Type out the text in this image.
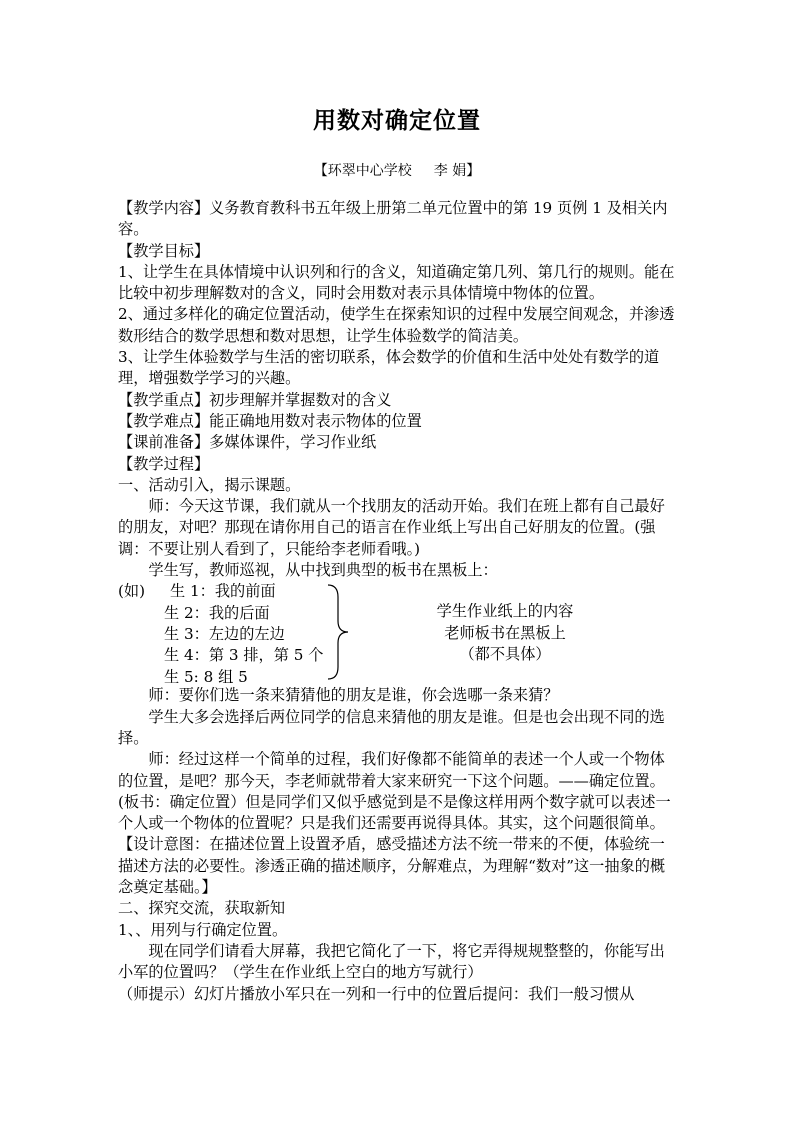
用数对确定位置
【环翠中心学校 李 娟】

【教学内容】义务教育教科书五年级上册第二单元位置中的第 19 页例 1 及相关内容。

【教学目标】

1、让学生在具体情境中认识列和行的含义，知道确定第几列、第几行的规则。能在比较中初步理解数对的含义，同时会用数对表示具体情境中物体的位置。

2、通过多样化的确定位置活动，使学生在探索知识的过程中发展空间观念，并渗透数形结合的数学思想和数对思想，让学生体验数学的简洁美。

3、让学生体验数学与生活的密切联系，体会数学的价值和生活中处处有数学的道理，增强数学学习的兴趣。

【教学重点】初步理解并掌握数对的含义

【教学难点】能正确地用数对表示物体的位置

【课前准备】多媒体课件，学习作业纸

【教学过程】

一、活动引入，揭示课题。

师：今天这节课，我们就从一个找朋友的活动开始。我们在班上都有自己最好的朋友，对吧？那现在请你用自己的语言在作业纸上写出自己好朋友的位置。(强调：不要让别人看到了，只能给李老师看哦。)

学生写，教师巡视，从中找到典型的板书在黑板上：

(如) 生 1：我的前面
生 2：我的后面
生 3：左边的左边
生 4：第 3 排，第 5 个
生 5: 8 组 5
学生作业纸上的内容
老师板书在黑板上
（都不具体）

师：要你们选一条来猜猜他的朋友是谁，你会选哪一条来猜？

学生大多会选择后两位同学的信息来猜他的朋友是谁。但是也会出现不同的选择。

师：经过这样一个简单的过程，我们好像都不能简单的表述一个人或一个物体的位置，是吧？那今天，李老师就带着大家来研究一下这个问题。——确定位置。(板书：确定位置）但是同学们又似乎感觉到是不是像这样用两个数字就可以表述一个人或一个物体的位置呢？只是我们还需要再说得具体。其实，这个问题很简单。

【设计意图：在描述位置上设置矛盾，感受描述方法不统一带来的不便，体验统一描述方法的必要性。渗透正确的描述顺序，分解难点，为理解“数对”这一抽象的概念奠定基础。】

二、探究交流，获取新知

1、、用列与行确定位置。

现在同学们请看大屏幕，我把它简化了一下，将它弄得规规整整的，你能写出小军的位置吗？（学生在作业纸上空白的地方写就行）

（师提示）幻灯片播放小军只在一列和一行中的位置后提问：我们一般习惯从
